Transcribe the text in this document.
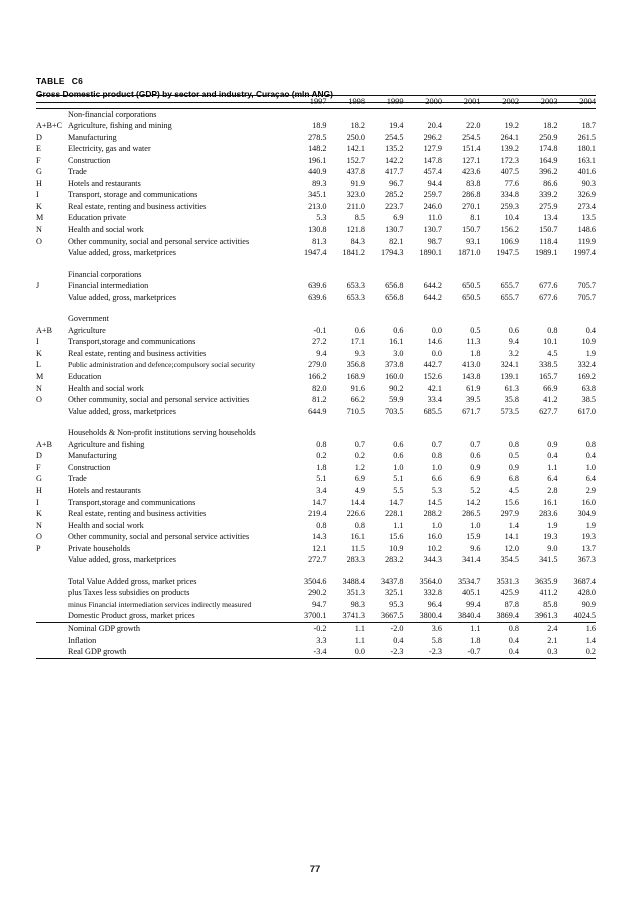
TABLE C6
Gross Domestic product (GDP) by sector and industry, Curaçao (mln ANG)
		1997	1998	1999	2000	2001	2002	2003	2004
	Non-financial corporations								
A+B+C	Agriculture, fishing and mining	18.9	18.2	19.4	20.4	22.0	19.2	18.2	18.7
D	Manufacturing	278.5	250.0	254.5	296.2	254.5	264.1	250.9	261.5
E	Electricity, gas and water	148.2	142.1	135.2	127.9	151.4	139.2	174.8	180.1
F	Construction	196.1	152.7	142.2	147.8	127.1	172.3	164.9	163.1
G	Trade	440.9	437.8	417.7	457.4	423.6	407.5	396.2	401.6
H	Hotels and restaurants	89.3	91.9	96.7	94.4	83.8	77.6	86.6	90.3
I	Transport, storage and communications	345.1	323.0	285.2	259.7	286.8	334.8	339.2	326.9
K	Real estate, renting and business activities	213.0	211.0	223.7	246.0	270.1	259.3	275.9	273.4
M	Education private	5.3	8.5	6.9	11.0	8.1	10.4	13.4	13.5
N	Health and social work	130.8	121.8	130.7	130.7	150.7	156.2	150.7	148.6
O	Other community, social and personal service activities	81.3	84.3	82.1	98.7	93.1	106.9	118.4	119.9
	Value added, gross, marketprices	1947.4	1841.2	1794.3	1890.1	1871.0	1947.5	1989.1	1997.4

	Financial corporations								
J	Financial intermediation	639.6	653.3	656.8	644.2	650.5	655.7	677.6	705.7
	Value added, gross, marketprices	639.6	653.3	656.8	644.2	650.5	655.7	677.6	705.7

	Government								
A+B	Agriculture	-0.1	0.6	0.6	0.0	0.5	0.6	0.8	0.4
I	Transport,storage and communications	27.2	17.1	16.1	14.6	11.3	9.4	10.1	10.9
K	Real estate, renting and business activities	9.4	9.3	3.0	0.0	1.8	3.2	4.5	1.9
L	Public administration and defence;compulsory social security	279.0	356.8	373.8	442.7	413.0	324.1	338.5	332.4
M	Education	166.2	168.9	160.0	152.6	143.8	139.1	165.7	169.2
N	Health and social work	82.0	91.6	90.2	42.1	61.9	61.3	66.9	63.8
O	Other community, social and personal service activities	81.2	66.2	59.9	33.4	39.5	35.8	41.2	38.5
	Value added, gross, marketprices	644.9	710.5	703.5	685.5	671.7	573.5	627.7	617.0

	Households & Non-profit institutions serving households								
A+B	Agriculture and fishing	0.8	0.7	0.6	0.7	0.7	0.8	0.9	0.8
D	Manufacturing	0.2	0.2	0.6	0.8	0.6	0.5	0.4	0.4
F	Construction	1.8	1.2	1.0	1.0	0.9	0.9	1.1	1.0
G	Trade	5.1	6.9	5.1	6.6	6.9	6.8	6.4	6.4
H	Hotels and restaurants	3.4	4.9	5.5	5.3	5.2	4.5	2.8	2.9
I	Transport,storage and communications	14.7	14.4	14.7	14.5	14.2	15.6	16.1	16.0
K	Real estate, renting and business activities	219.4	226.6	228.1	288.2	286.5	297.9	283.6	304.9
N	Health and social work	0.8	0.8	1.1	1.0	1.0	1.4	1.9	1.9
O	Other community, social and personal service activities	14.3	16.1	15.6	16.0	15.9	14.1	19.3	19.3
P	Private households	12.1	11.5	10.9	10.2	9.6	12.0	9.0	13.7
	Value added, gross, marketprices	272.7	283.3	283.2	344.3	341.4	354.5	341.5	367.3

	Total Value Added gross, market prices	3504.6	3488.4	3437.8	3564.0	3534.7	3531.3	3635.9	3687.4
	plus Taxes less subsidies on products	290.2	351.3	325.1	332.8	405.1	425.9	411.2	428.0
	minus Financial intermediation services indirectly measured	94.7	98.3	95.3	96.4	99.4	87.8	85.8	90.9
	Domestic Product gross, market prices	3700.1	3741.3	3667.5	3800.4	3840.4	3869.4	3961.3	4024.5
	Nominal GDP growth	-0.2	1.1	-2.0	3.6	1.1	0.8	2.4	1.6
	Inflation	3.3	1.1	0.4	5.8	1.8	0.4	2.1	1.4
	Real GDP growth	-3.4	0.0	-2.3	-2.3	-0.7	0.4	0.3	0.2
77
